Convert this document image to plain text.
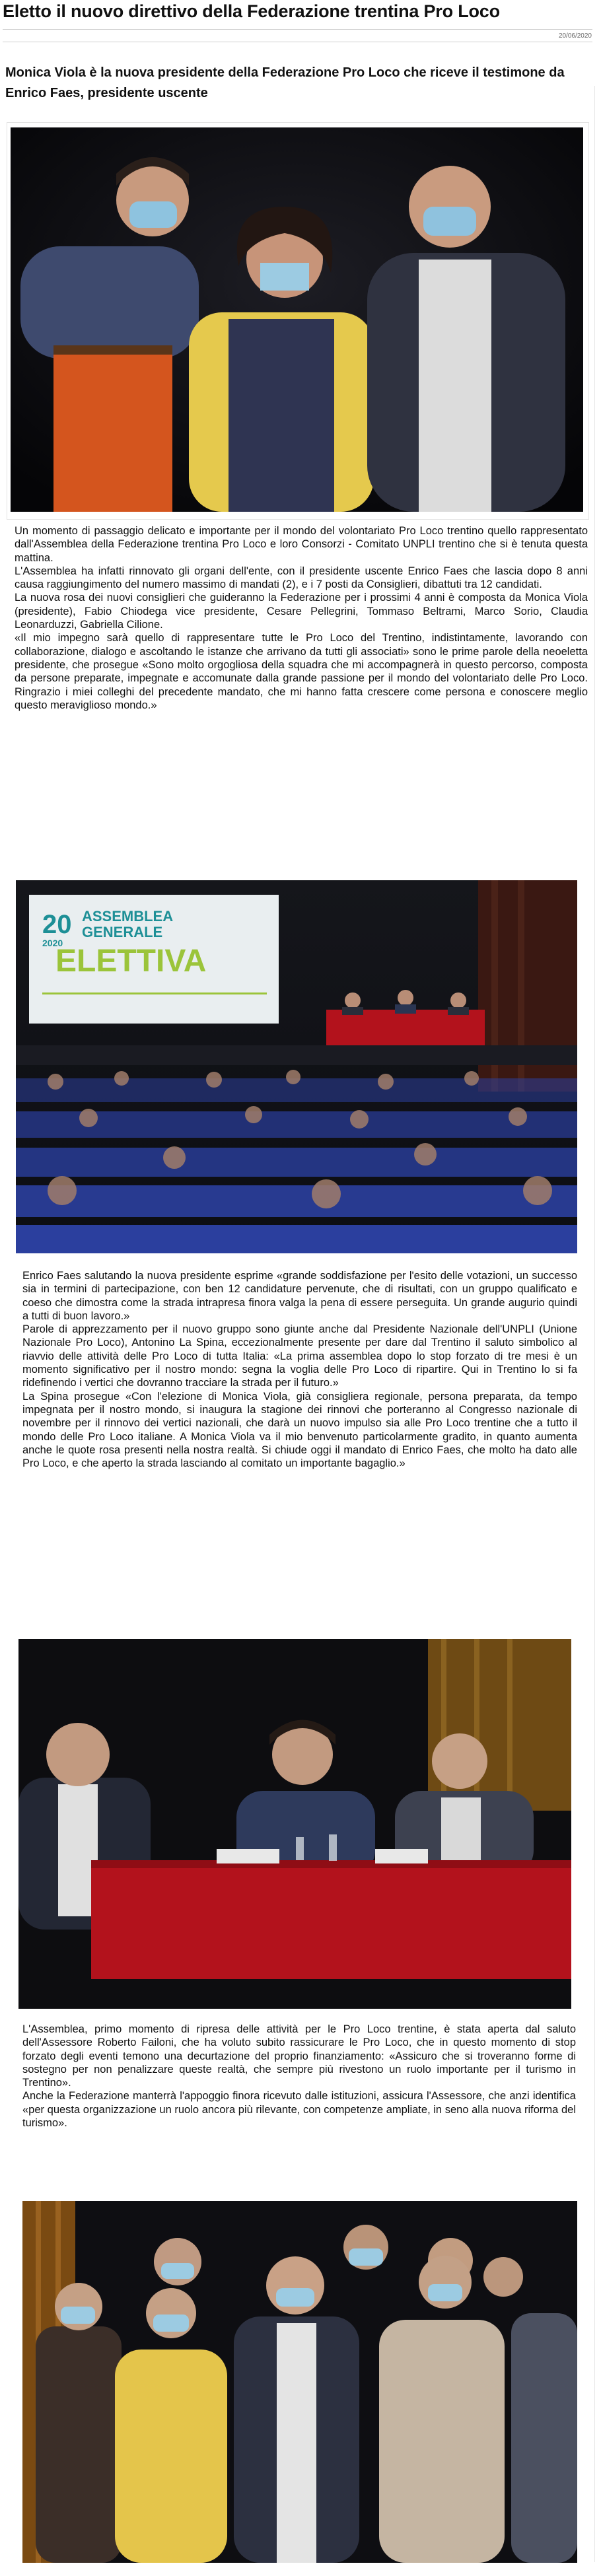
Eletto il nuovo direttivo della Federazione trentina Pro Loco
20/06/2020

Monica Viola è la nuova presidente della Federazione Pro Loco che riceve il testimone da Enrico Faes, presidente uscente

Un momento di passaggio delicato e importante per il mondo del volontariato Pro Loco trentino quello rappresentato dall'Assemblea della Federazione trentina Pro Loco e loro Consorzi - Comitato UNPLI trentino che si è tenuta questa mattina.

L'Assemblea ha infatti rinnovato gli organi dell'ente, con il presidente uscente Enrico Faes che lascia dopo 8 anni causa raggiungimento del numero massimo di mandati (2), e i 7 posti da Consiglieri, dibattuti tra 12 candidati.

La nuova rosa dei nuovi consiglieri che guideranno la Federazione per i prossimi 4 anni è composta da Monica Viola (presidente), Fabio Chiodega vice presidente, Cesare Pellegrini, Tommaso Beltrami, Marco Sorio, Claudia Leonarduzzi, Gabriella Cilione.

«Il mio impegno sarà quello di rappresentare tutte le Pro Loco del Trentino, indistintamente, lavorando con collaborazione, dialogo e ascoltando le istanze che arrivano da tutti gli associati» sono le prime parole della neoeletta presidente, che prosegue «Sono molto orgogliosa della squadra che mi accompagnerà in questo percorso, composta da persone preparate, impegnate e accomunate dalla grande passione per il mondo del volontariato delle Pro Loco. Ringrazio i miei colleghi del precedente mandato, che mi hanno fatta crescere come persona e conoscere meglio questo meraviglioso mondo.»

20
2020
ASSEMBLEA
GENERALE
ELETTIVA

Enrico Faes salutando la nuova presidente esprime «grande soddisfazione per l'esito delle votazioni, un successo sia in termini di partecipazione, con ben 12 candidature pervenute, che di risultati, con un gruppo qualificato e coeso che dimostra come la strada intrapresa finora valga la pena di essere perseguita. Un grande augurio quindi a tutti di buon lavoro.»

Parole di apprezzamento per il nuovo gruppo sono giunte anche dal Presidente Nazionale dell'UNPLI (Unione Nazionale Pro Loco), Antonino La Spina, eccezionalmente presente per dare dal Trentino il saluto simbolico al riavvio delle attività delle Pro Loco di tutta Italia: «La prima assemblea dopo lo stop forzato di tre mesi è un momento significativo per il nostro mondo: segna la voglia delle Pro Loco di ripartire. Qui in Trentino lo si fa ridefinendo i vertici che dovranno tracciare la strada per il futuro.»

La Spina prosegue «Con l'elezione di Monica Viola, già consigliera regionale, persona preparata, da tempo impegnata per il nostro mondo, si inaugura la stagione dei rinnovi che porteranno al Congresso nazionale di novembre per il rinnovo dei vertici nazionali, che darà un nuovo impulso sia alle Pro Loco trentine che a tutto il mondo delle Pro Loco italiane. A Monica Viola va il mio benvenuto particolarmente gradito, in quanto aumenta anche le quote rosa presenti nella nostra realtà. Si chiude oggi il mandato di Enrico Faes, che molto ha dato alle Pro Loco, e che aperto la strada lasciando al comitato un importante bagaglio.»

L'Assemblea, primo momento di ripresa delle attività per le Pro Loco trentine, è stata aperta dal saluto dell'Assessore Roberto Failoni, che ha voluto subito rassicurare le Pro Loco, che in questo momento di stop forzato degli eventi temono una decurtazione del proprio finanziamento: «Assicuro che si troveranno forme di sostegno per non penalizzare queste realtà, che sempre più rivestono un ruolo importante per il turismo in Trentino».

Anche la Federazione manterrà l'appoggio finora ricevuto dalle istituzioni, assicura l'Assessore, che anzi identifica «per questa organizzazione un ruolo ancora più rilevante, con competenze ampliate, in seno alla nuova riforma del turismo».
